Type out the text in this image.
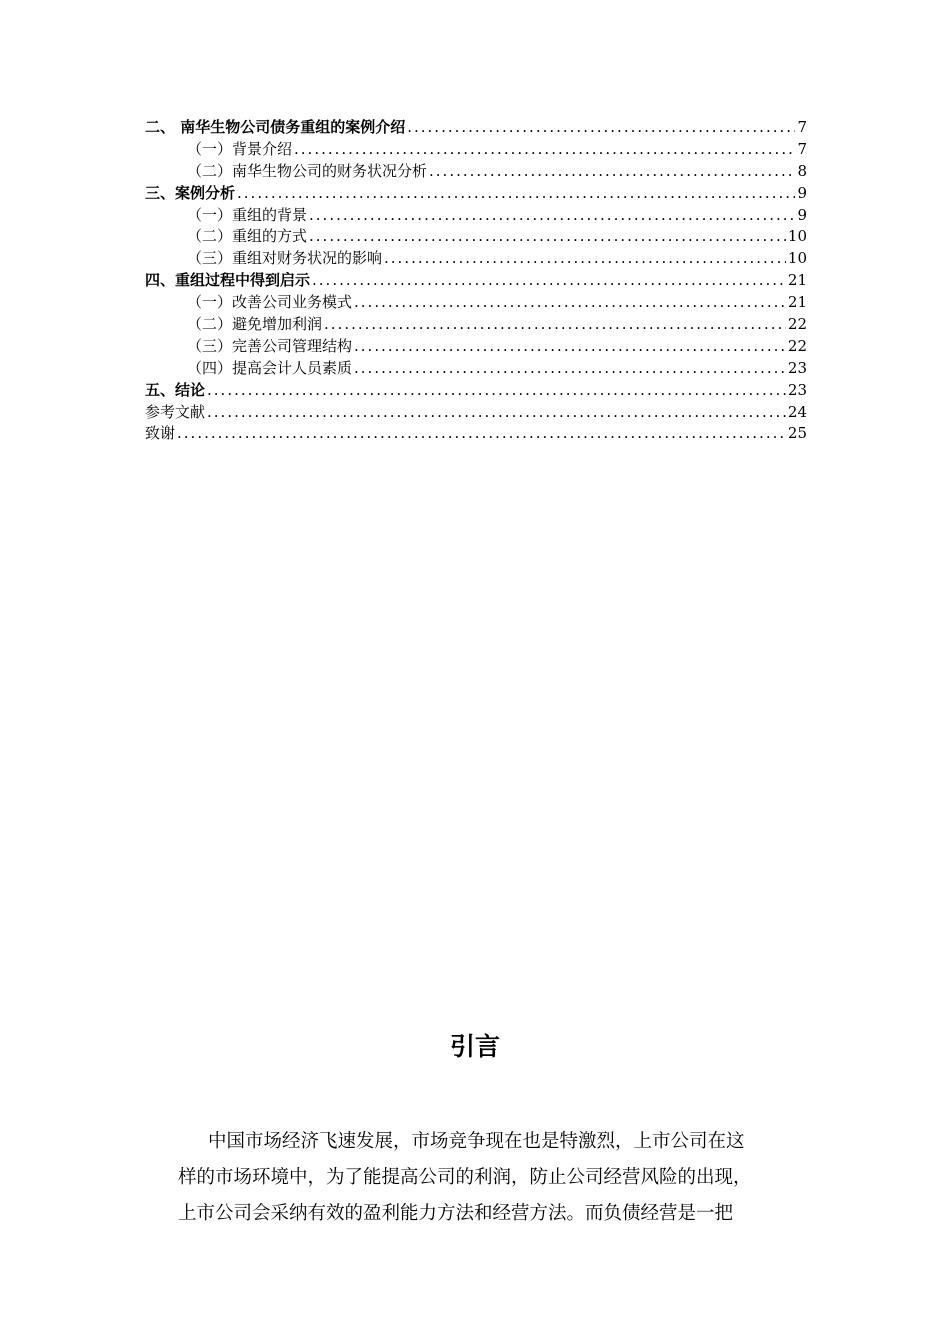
二、 南华生物公司债务重组的案例介绍 .....	7
（一）背景介绍 .....	7
（二）南华生物公司的财务状况分析 .....	8
三、案例分析 .....	9
（一）重组的背景 .....	9
（二）重组的方式 .....	10
（三）重组对财务状况的影响 .....	10
四、重组过程中得到启示 .....	21
（一）改善公司业务模式 .....	21
（二）避免增加利润 .....	22
（三）完善公司管理结构 .....	22
（四）提高会计人员素质 .....	23
五、结论 .....	23
参考文献 .....	24
致谢 .....	25
引言
中国市场经济飞速发展，市场竞争现在也是特激烈，上市公司在这
样的市场环境中，为了能提高公司的利润，防止公司经营风险的出现，
上市公司会采纳有效的盈利能力方法和经营方法。而负债经营是一把
